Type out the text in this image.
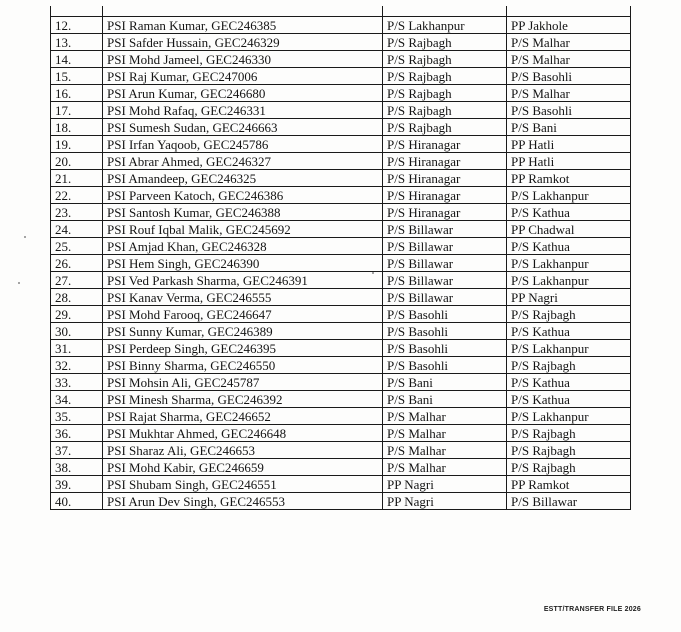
12.	PSI Raman Kumar, GEC246385	P/S Lakhanpur	PP Jakhole
13.	PSI Safder Hussain, GEC246329	P/S Rajbagh	P/S Malhar
14.	PSI Mohd Jameel, GEC246330	P/S Rajbagh	P/S Malhar
15.	PSI Raj Kumar, GEC247006	P/S Rajbagh	P/S Basohli
16.	PSI Arun Kumar, GEC246680	P/S Rajbagh	P/S Malhar
17.	PSI Mohd Rafaq, GEC246331	P/S Rajbagh	P/S Basohli
18.	PSI Sumesh Sudan, GEC246663	P/S Rajbagh	P/S Bani
19.	PSI Irfan Yaqoob, GEC245786	P/S Hiranagar	PP Hatli
20.	PSI Abrar Ahmed, GEC246327	P/S Hiranagar	PP Hatli
21.	PSI Amandeep, GEC246325	P/S Hiranagar	PP Ramkot
22.	PSI Parveen Katoch, GEC246386	P/S Hiranagar	P/S Lakhanpur
23.	PSI Santosh Kumar, GEC246388	P/S Hiranagar	P/S Kathua
24.	PSI Rouf Iqbal Malik, GEC245692	P/S Billawar	PP Chadwal
25.	PSI Amjad Khan, GEC246328	P/S Billawar	P/S Kathua
26.	PSI Hem Singh, GEC246390	P/S Billawar	P/S Lakhanpur
27.	PSI Ved Parkash Sharma, GEC246391	P/S Billawar	P/S Lakhanpur
28.	PSI Kanav Verma, GEC246555	P/S Billawar	PP Nagri
29.	PSI Mohd Farooq, GEC246647	P/S Basohli	P/S Rajbagh
30.	PSI Sunny Kumar, GEC246389	P/S Basohli	P/S Kathua
31.	PSI Perdeep Singh, GEC246395	P/S Basohli	P/S Lakhanpur
32.	PSI Binny Sharma, GEC246550	P/S Basohli	P/S Rajbagh
33.	PSI Mohsin Ali, GEC245787	P/S Bani	P/S Kathua
34.	PSI Minesh Sharma, GEC246392	P/S Bani	P/S Kathua
35.	PSI Rajat Sharma, GEC246652	P/S Malhar	P/S Lakhanpur
36.	PSI Mukhtar Ahmed, GEC246648	P/S Malhar	P/S Rajbagh
37.	PSI Sharaz Ali, GEC246653	P/S Malhar	P/S Rajbagh
38.	PSI Mohd Kabir, GEC246659	P/S Malhar	P/S Rajbagh
39.	PSI Shubam Singh, GEC246551	PP Nagri	PP Ramkot
40.	PSI Arun Dev Singh, GEC246553	PP Nagri	P/S Billawar
ESTT/TRANSFER FILE 2026
